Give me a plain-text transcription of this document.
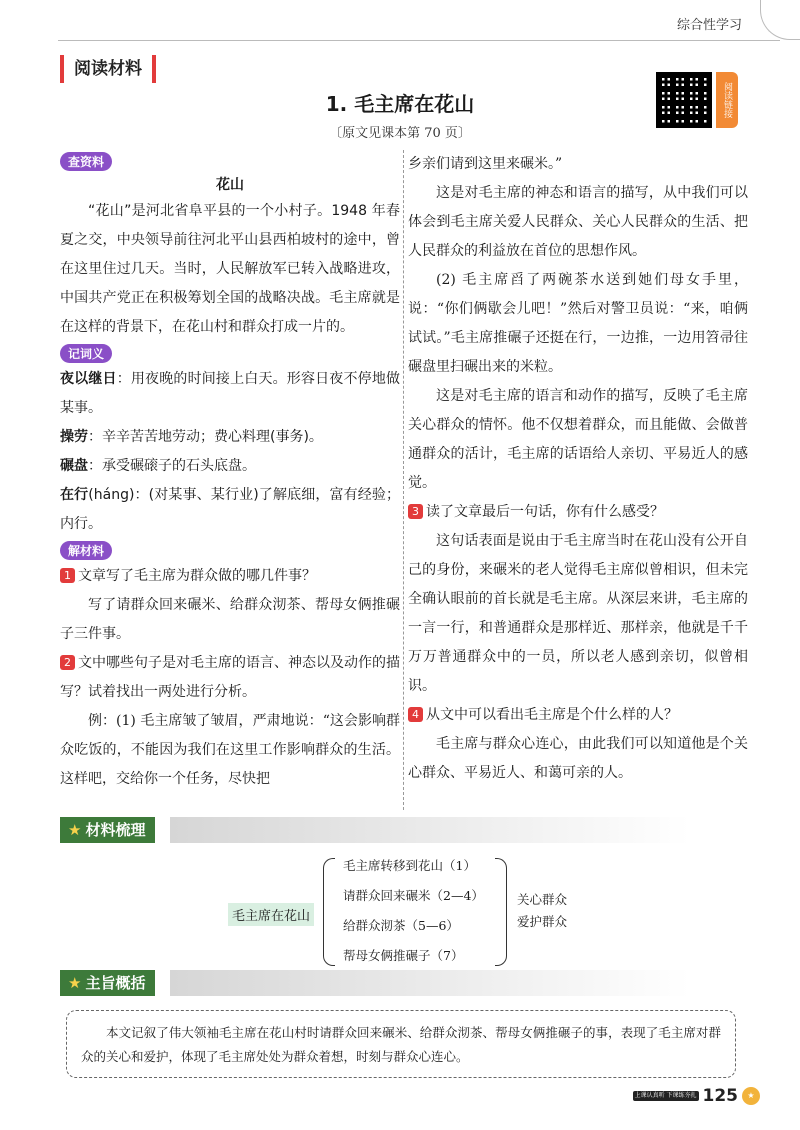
综合性学习
阅读材料
1. 毛主席在花山
〔原文见课本第 70 页〕
阅读链接
查资料
花山
“花山”是河北省阜平县的一个小村子。1948 年春夏之交，中央领导前往河北平山县西柏坡村的途中，曾在这里住过几天。当时，人民解放军已转入战略进攻，中国共产党正在积极筹划全国的战略决战。毛主席就是在这样的背景下，在花山村和群众打成一片的。
记词义
夜以继日：用夜晚的时间接上白天。形容日夜不停地做某事。
操劳：辛辛苦苦地劳动；费心料理(事务)。
碾盘：承受碾磙子的石头底盘。
在行(háng)：(对某事、某行业)了解底细，富有经验；内行。
解材料
1 文章写了毛主席为群众做的哪几件事？
写了请群众回来碾米、给群众沏茶、帮母女俩推碾子三件事。
2 文中哪些句子是对毛主席的语言、神态以及动作的描写？试着找出一两处进行分析。
例：(1) 毛主席皱了皱眉，严肃地说：“这会影响群众吃饭的，不能因为我们在这里工作影响群众的生活。这样吧，交给你一个任务，尽快把
乡亲们请到这里来碾米。”
这是对毛主席的神态和语言的描写，从中我们可以体会到毛主席关爱人民群众、关心人民群众的生活、把人民群众的利益放在首位的思想作风。
(2) 毛主席舀了两碗茶水送到她们母女手里，说：“你们俩歇会儿吧！”然后对警卫员说：“来，咱俩试试。”毛主席推碾子还挺在行，一边推，一边用笤帚往碾盘里扫碾出来的米粒。
这是对毛主席的语言和动作的描写，反映了毛主席关心群众的情怀。他不仅想着群众，而且能做、会做普通群众的活计，毛主席的话语给人亲切、平易近人的感觉。
3 读了文章最后一句话，你有什么感受？
这句话表面是说由于毛主席当时在花山没有公开自己的身份，来碾米的老人觉得毛主席似曾相识，但未完全确认眼前的首长就是毛主席。从深层来讲，毛主席的一言一行，和普通群众是那样近、那样亲，他就是千千万万普通群众中的一员，所以老人感到亲切，似曾相识。
4 从文中可以看出毛主席是个什么样的人？
毛主席与群众心连心，由此我们可以知道他是个关心群众、平易近人、和蔼可亲的人。
★ 材料梳理
毛主席在花山
毛主席转移到花山（1）
请群众回来碾米（2—4）
给群众沏茶（5—6）
帮母女俩推碾子（7）
关心群众
爱护群众
★ 主旨概括
本文记叙了伟大领袖毛主席在花山村时请群众回来碾米、给群众沏茶、帮母女俩推碾子的事，表现了毛主席对群众的关心和爱护，体现了毛主席处处为群众着想，时刻与群众心连心。
上课认真听 下课练夯扎 125	★
